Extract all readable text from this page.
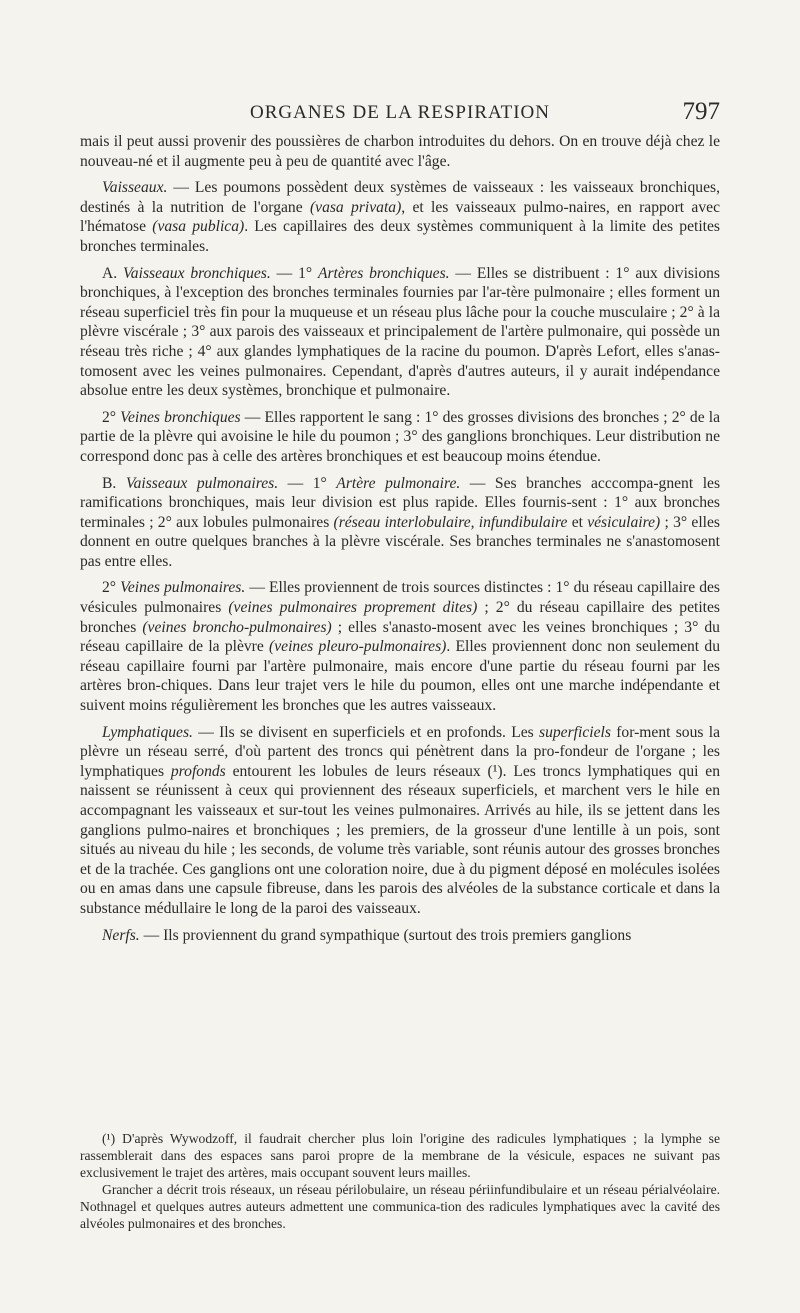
ORGANES DE LA RESPIRATION	797

mais il peut aussi provenir des poussières de charbon introduites du dehors. On en trouve déjà chez le nouveau-né et il augmente peu à peu de quantité avec l'âge.

Vaisseaux. — Les poumons possèdent deux systèmes de vaisseaux : les vaisseaux bronchiques, destinés à la nutrition de l'organe (vasa privata), et les vaisseaux pulmo-naires, en rapport avec l'hématose (vasa publica). Les capillaires des deux systèmes communiquent à la limite des petites bronches terminales.

A. Vaisseaux bronchiques. — 1° Artères bronchiques. — Elles se distribuent : 1° aux divisions bronchiques, à l'exception des bronches terminales fournies par l'ar-tère pulmonaire ; elles forment un réseau superficiel très fin pour la muqueuse et un réseau plus lâche pour la couche musculaire ; 2° à la plèvre viscérale ; 3° aux parois des vaisseaux et principalement de l'artère pulmonaire, qui possède un réseau très riche ; 4° aux glandes lymphatiques de la racine du poumon. D'après Lefort, elles s'anas-tomosent avec les veines pulmonaires. Cependant, d'après d'autres auteurs, il y aurait indépendance absolue entre les deux systèmes, bronchique et pulmonaire.

2° Veines bronchiques — Elles rapportent le sang : 1° des grosses divisions des bronches ; 2° de la partie de la plèvre qui avoisine le hile du poumon ; 3° des ganglions bronchiques. Leur distribution ne correspond donc pas à celle des artères bronchiques et est beaucoup moins étendue.

B. Vaisseaux pulmonaires. — 1° Artère pulmonaire. — Ses branches acccompa-gnent les ramifications bronchiques, mais leur division est plus rapide. Elles fournis-sent : 1° aux bronches terminales ; 2° aux lobules pulmonaires (réseau interlobulaire, infundibulaire et vésiculaire) ; 3° elles donnent en outre quelques branches à la plèvre viscérale. Ses branches terminales ne s'anastomosent pas entre elles.

2° Veines pulmonaires. — Elles proviennent de trois sources distinctes : 1° du réseau capillaire des vésicules pulmonaires (veines pulmonaires proprement dites) ; 2° du réseau capillaire des petites bronches (veines broncho-pulmonaires) ; elles s'anasto-mosent avec les veines bronchiques ; 3° du réseau capillaire de la plèvre (veines pleuro-pulmonaires). Elles proviennent donc non seulement du réseau capillaire fourni par l'artère pulmonaire, mais encore d'une partie du réseau fourni par les artères bron-chiques. Dans leur trajet vers le hile du poumon, elles ont une marche indépendante et suivent moins régulièrement les bronches que les autres vaisseaux.

Lymphatiques. — Ils se divisent en superficiels et en profonds. Les superficiels for-ment sous la plèvre un réseau serré, d'où partent des troncs qui pénètrent dans la pro-fondeur de l'organe ; les lymphatiques profonds entourent les lobules de leurs réseaux (¹). Les troncs lymphatiques qui en naissent se réunissent à ceux qui proviennent des réseaux superficiels, et marchent vers le hile en accompagnant les vaisseaux et sur-tout les veines pulmonaires. Arrivés au hile, ils se jettent dans les ganglions pulmo-naires et bronchiques ; les premiers, de la grosseur d'une lentille à un pois, sont situés au niveau du hile ; les seconds, de volume très variable, sont réunis autour des grosses bronches et de la trachée. Ces ganglions ont une coloration noire, due à du pigment déposé en molécules isolées ou en amas dans une capsule fibreuse, dans les parois des alvéoles de la substance corticale et dans la substance médullaire le long de la paroi des vaisseaux.

Nerfs. — Ils proviennent du grand sympathique (surtout des trois premiers ganglions

(¹) D'après Wywodzoff, il faudrait chercher plus loin l'origine des radicules lymphatiques ; la lymphe se rassemblerait dans des espaces sans paroi propre de la membrane de la vésicule, espaces ne suivant pas exclusivement le trajet des artères, mais occupant souvent leurs mailles.

Grancher a décrit trois réseaux, un réseau périlobulaire, un réseau périinfundibulaire et un réseau périalvéolaire. Nothnagel et quelques autres auteurs admettent une communica-tion des radicules lymphatiques avec la cavité des alvéoles pulmonaires et des bronches.
